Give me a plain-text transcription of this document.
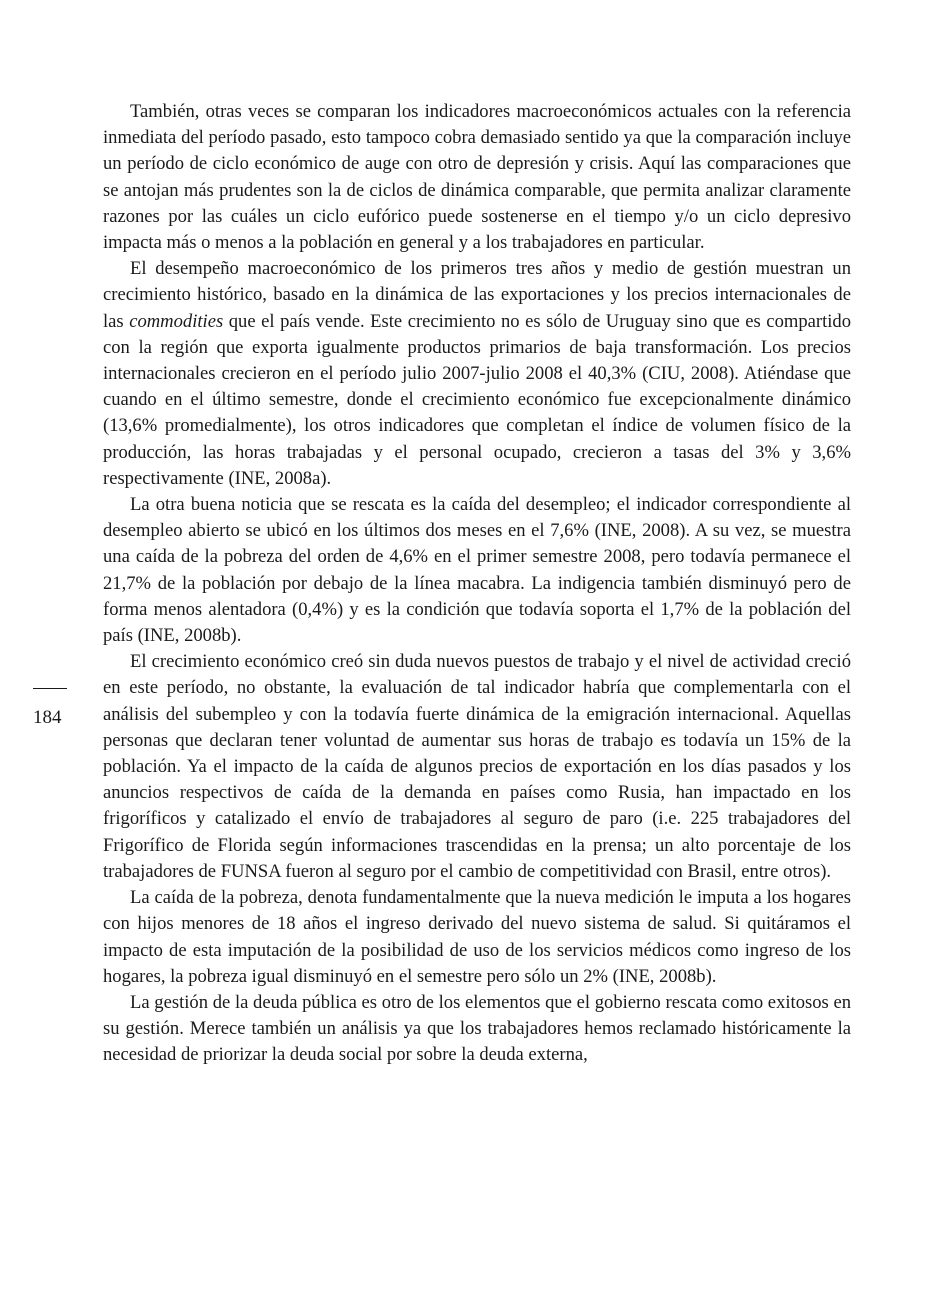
También, otras veces se comparan los indicadores macroeconómicos actuales con la referencia inmediata del período pasado, esto tampoco cobra demasiado sentido ya que la comparación incluye un período de ciclo económico de auge con otro de depresión y crisis. Aquí las comparaciones que se antojan más prudentes son la de ciclos de dinámica comparable, que permita analizar claramente razones por las cuáles un ciclo eufórico puede sostenerse en el tiempo y/o un ciclo depresivo impacta más o menos a la población en general y a los trabajadores en particular.

El desempeño macroeconómico de los primeros tres años y medio de gestión muestran un crecimiento histórico, basado en la dinámica de las exportaciones y los precios internacionales de las commodities que el país vende. Este crecimiento no es sólo de Uruguay sino que es compartido con la región que exporta igualmente productos primarios de baja transformación. Los precios internacionales crecieron en el período julio 2007-julio 2008 el 40,3% (CIU, 2008). Atiéndase que cuando en el último semestre, donde el crecimiento económico fue excepcionalmente dinámico (13,6% promedialmente), los otros indicadores que completan el índice de volumen físico de la producción, las horas trabajadas y el personal ocupado, crecieron a tasas del 3% y 3,6% respectivamente (INE, 2008a).

La otra buena noticia que se rescata es la caída del desempleo; el indicador correspondiente al desempleo abierto se ubicó en los últimos dos meses en el 7,6% (INE, 2008). A su vez, se muestra una caída de la pobreza del orden de 4,6% en el primer semestre 2008, pero todavía permanece el 21,7% de la población por debajo de la línea macabra. La indigencia también disminuyó pero de forma menos alentadora (0,4%) y es la condición que todavía soporta el 1,7% de la población del país (INE, 2008b).

El crecimiento económico creó sin duda nuevos puestos de trabajo y el nivel de actividad creció en este período, no obstante, la evaluación de tal indicador habría que complementarla con el análisis del subempleo y con la todavía fuerte dinámica de la emigración internacional. Aquellas personas que declaran tener voluntad de aumentar sus horas de trabajo es todavía un 15% de la población. Ya el impacto de la caída de algunos precios de exportación en los días pasados y los anuncios respectivos de caída de la demanda en países como Rusia, han impactado en los frigoríficos y catalizado el envío de trabajadores al seguro de paro (i.e. 225 trabajadores del Frigorífico de Florida según informaciones trascendidas en la prensa; un alto porcentaje de los trabajadores de FUNSA fueron al seguro por el cambio de competitividad con Brasil, entre otros).

La caída de la pobreza, denota fundamentalmente que la nueva medición le imputa a los hogares con hijos menores de 18 años el ingreso derivado del nuevo sistema de salud. Si quitáramos el impacto de esta imputación de la posibilidad de uso de los servicios médicos como ingreso de los hogares, la pobreza igual disminuyó en el semestre pero sólo un 2% (INE, 2008b).

La gestión de la deuda pública es otro de los elementos que el gobierno rescata como exitosos en su gestión. Merece también un análisis ya que los trabajadores hemos reclamado históricamente la necesidad de priorizar la deuda social por sobre la deuda externa,

184
